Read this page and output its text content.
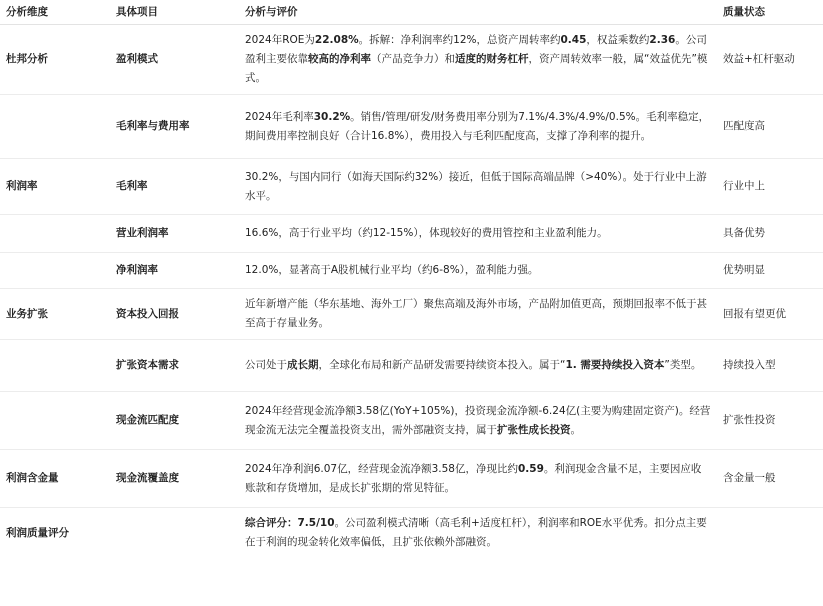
分析维度	具体项目	分析与评价	质量状态
杜邦分析	盈利模式	2024年ROE为22.08%。拆解：净利润率约12%，总资产周转率约0.45，权益乘数约2.36。公司盈利主要依靠较高的净利率（产品竞争力）和适度的财务杠杆，资产周转效率一般，属“效益优先”模式。	效益+杠杆驱动
	毛利率与费用率	2024年毛利率30.2%。销售/管理/研发/财务费用率分别为7.1%/4.3%/4.9%/0.5%。毛利率稳定，期间费用率控制良好（合计16.8%），费用投入与毛利匹配度高，支撑了净利率的提升。	匹配度高
利润率	毛利率	30.2%，与国内同行（如海天国际约32%）接近，但低于国际高端品牌（>40%）。处于行业中上游水平。	行业中上
	营业利润率	16.6%，高于行业平均（约12-15%），体现较好的费用管控和主业盈利能力。	具备优势
	净利润率	12.0%，显著高于A股机械行业平均（约6-8%），盈利能力强。	优势明显
业务扩张	资本投入回报	近年新增产能（华东基地、海外工厂）聚焦高端及海外市场，产品附加值更高，预期回报率不低于甚至高于存量业务。	回报有望更优
	扩张资本需求	公司处于成长期，全球化布局和新产品研发需要持续资本投入。属于“1. 需要持续投入资本”类型。	持续投入型
	现金流匹配度	2024年经营现金流净额3.58亿(YoY+105%)，投资现金流净额-6.24亿(主要为购建固定资产)。经营现金流无法完全覆盖投资支出，需外部融资支持，属于扩张性成长投资。	扩张性投资
利润含金量	现金流覆盖度	2024年净利润6.07亿，经营现金流净额3.58亿，净现比约0.59。利润现金含量不足，主要因应收账款和存货增加，是成长扩张期的常见特征。	含金量一般
利润质量评分		综合评分：7.5/10。公司盈利模式清晰（高毛利+适度杠杆），利润率和ROE水平优秀。扣分点主要在于利润的现金转化效率偏低，且扩张依赖外部融资。	
